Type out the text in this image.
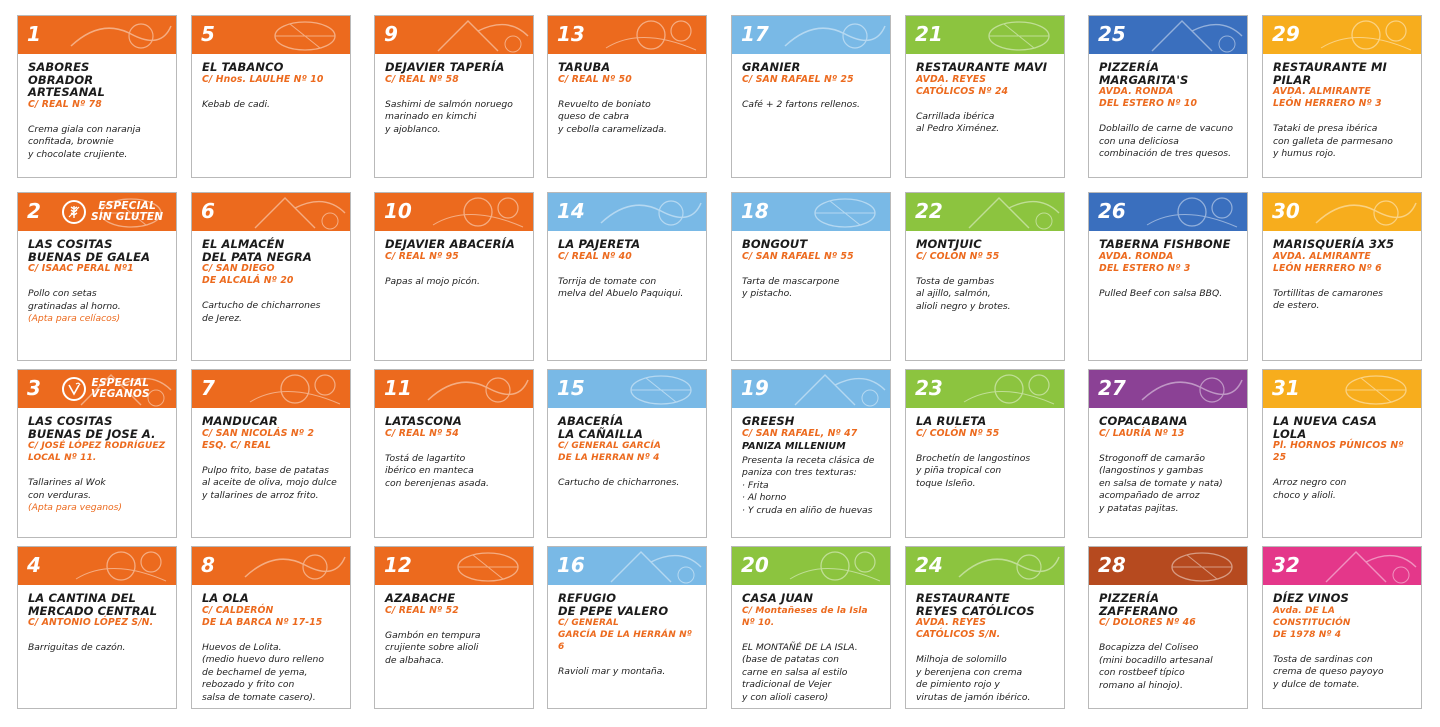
1
SABORES
OBRADOR ARTESANAL
C/ REAL Nº 78
Crema giala con naranja
confitada, brownie
y chocolate crujiente.
2	ESPECIAL
SIN GLUTEN
LAS COSITAS
BUENAS DE GALEA
C/ ISAAC PERAL Nº1
Pollo con setas
gratinadas al horno.
(Apta para celíacos)
3	ESPECIAL
VEGANOS
LAS COSITAS
BUENAS DE JOSE A.
C/ JOSÉ LÓPEZ RODRÍGUEZ
LOCAL Nº 11.
Tallarines al Wok
con verduras.
(Apta para veganos)
4
LA CANTINA DEL
MERCADO CENTRAL
C/ ANTONIO LÓPEZ S/N.
Barriguitas de cazón.
5
EL TABANCO
C/ Hnos. LAULHE Nº 10
Kebab de cadi.
6
EL ALMACÉN
DEL PATA NEGRA
C/ SAN DIEGO
DE ALCALÁ Nº 20
Cartucho de chicharrones
de Jerez.
7
MANDUCAR
C/ SAN NICOLÁS Nº 2
ESQ. C/ REAL
Pulpo frito, base de patatas
al aceite de oliva, mojo dulce
y tallarines de arroz frito.
8
LA OLA
C/ CALDERÓN
DE LA BARCA Nº 17-15
Huevos de Lolita.
(medio huevo duro relleno
de bechamel de yema,
rebozado y frito con
salsa de tomate casero).
9
DEJAVIER TAPERÍA
C/ REAL Nº 58
Sashimi de salmón noruego
marinado en kimchi
y ajoblanco.
10
DEJAVIER ABACERÍA
C/ REAL Nº 95
Papas al mojo picón.
11
LATASCONA
C/ REAL Nº 54
Tostá de lagartito
ibérico en manteca
con berenjenas asada.
12
AZABACHE
C/ REAL Nº 52
Gambón en tempura
crujiente sobre alioli
de albahaca.
13
TARUBA
C/ REAL Nº 50
Revuelto de boniato
queso de cabra
y cebolla caramelizada.
14
LA PAJERETA
C/ REAL Nº 40
Torrija de tomate con
melva del Abuelo Paquiqui.
15
ABACERÍA
LA CAÑAILLA
C/ GENERAL GARCÍA
DE LA HERRAN Nº 4
Cartucho de chicharrones.
16
REFUGIO
DE PEPE VALERO
C/ GENERAL
GARCÍA DE LA HERRÁN Nº 6
Ravioli mar y montaña.
17
GRANIER
C/ SAN RAFAEL Nº 25
Café + 2 fartons rellenos.
18
BONGOUT
C/ SAN RAFAEL Nº 55
Tarta de mascarpone
y pistacho.
19
GREESH
C/ SAN RAFAEL, Nº 47
PANIZA MILLENIUM
Presenta la receta clásica de
paniza con tres texturas:
· Frita
· Al horno
· Y cruda en aliño de huevas
20
CASA JUAN
C/ Montañeses de la Isla Nº 10.
EL MONTAÑÉ DE LA ISLA.
(base de patatas con
carne en salsa al estilo
tradicional de Vejer
y con alioli casero)
21
RESTAURANTE MAVI
AVDA. REYES
CATÓLICOS Nº 24
Carrillada ibérica
al Pedro Ximénez.
22
MONTJUIC
C/ COLÓN Nº 55
Tosta de gambas
al ajillo, salmón,
alioli negro y brotes.
23
LA RULETA
C/ COLÓN Nº 55
Brochetín de langostinos
y piña tropical con
toque Isleño.
24
RESTAURANTE
REYES CATÓLICOS
AVDA. REYES
CATÓLICOS S/N.
Milhoja de solomillo
y berenjena con crema
de pimiento rojo y
virutas de jamón ibérico.
25
PIZZERÍA MARGARITA'S
AVDA. RONDA
DEL ESTERO Nº 10
Doblaillo de carne de vacuno
con una deliciosa
combinación de tres quesos.
26
TABERNA FISHBONE
AVDA. RONDA
DEL ESTERO Nº 3
Pulled Beef con salsa BBQ.
27
COPACABANA
C/ LAURÍA Nº 13
Strogonoff de camarão
(langostinos y gambas
en salsa de tomate y nata)
acompañado de arroz
y patatas pajitas.
28
PIZZERÍA ZAFFERANO
C/ DOLORES Nº 46
Bocapizza del Coliseo
(mini bocadillo artesanal
con rostbeef típico
romano al hinojo).
29
RESTAURANTE MI PILAR
AVDA. ALMIRANTE
LEÓN HERRERO Nº 3
Tataki de presa ibérica
con galleta de parmesano
y humus rojo.
30
MARISQUERÍA 3X5
AVDA. ALMIRANTE
LEÓN HERRERO Nº 6
Tortillitas de camarones
de estero.
31
LA NUEVA CASA LOLA
Pl. HORNOS PÚNICOS Nº 25
Arroz negro con
choco y alioli.
32
DÍEZ VINOS
Avda. DE LA CONSTITUCIÓN
DE 1978 Nº 4
Tosta de sardinas con
crema de queso payoyo
y dulce de tomate.
